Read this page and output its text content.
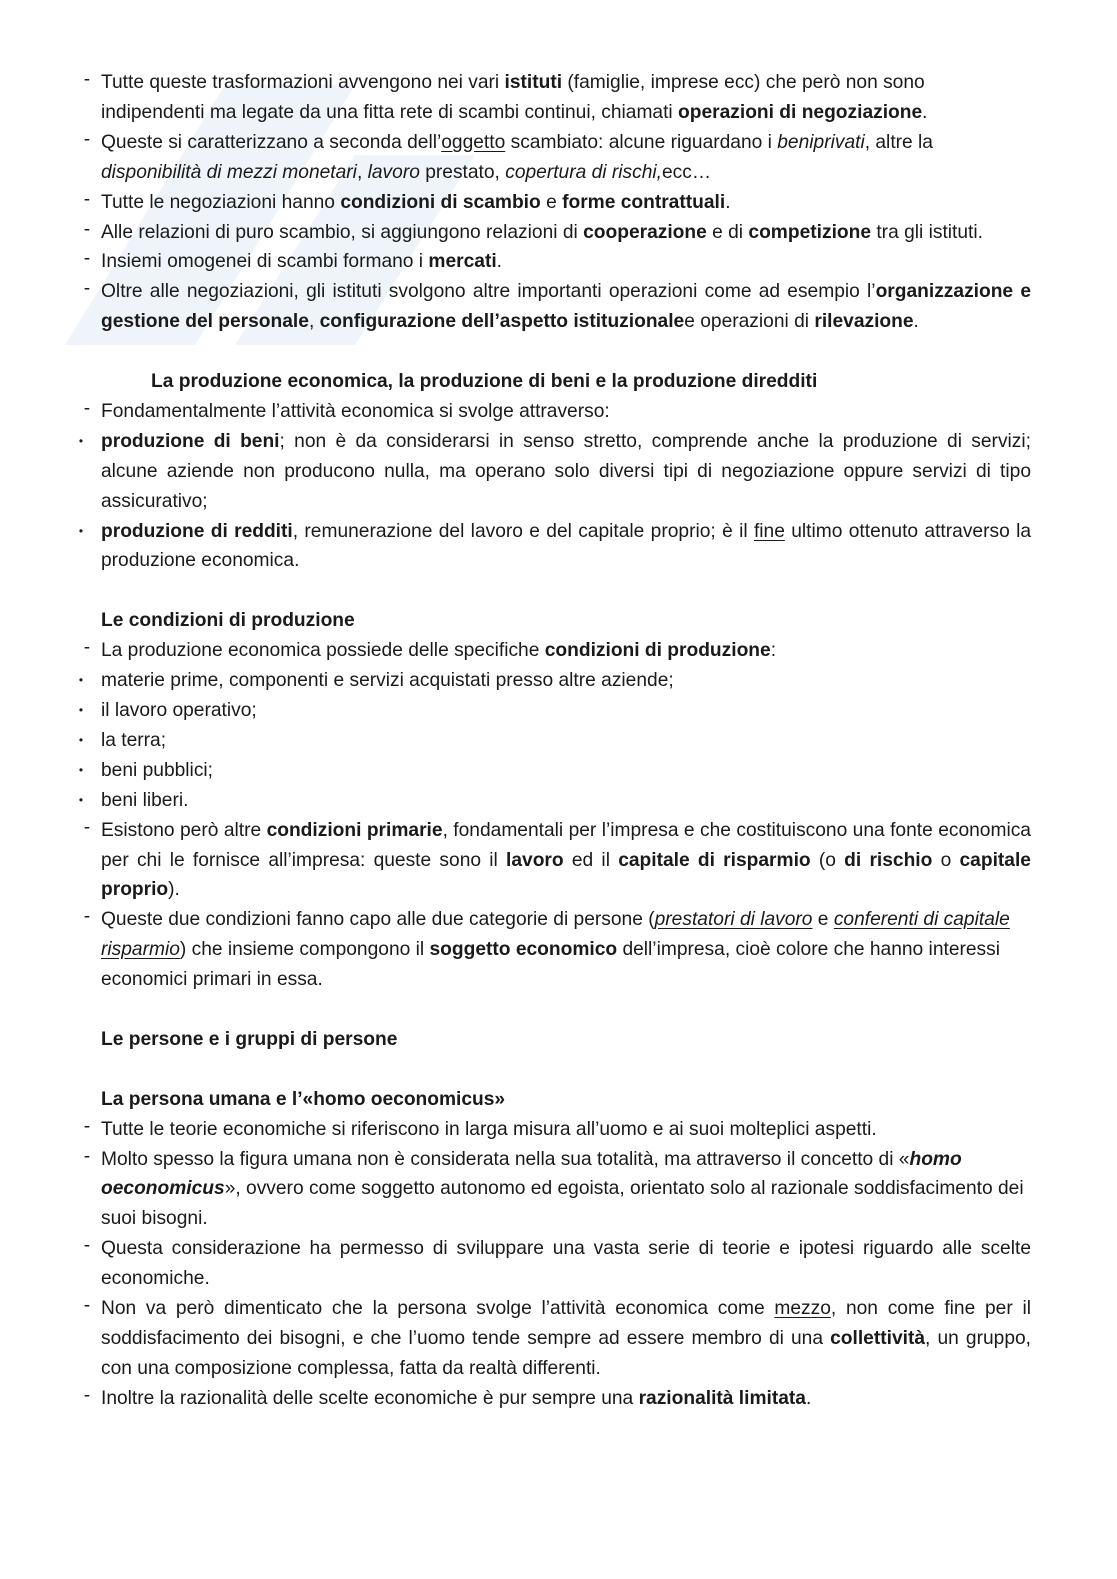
- Tutte queste trasformazioni avvengono nei vari istituti (famiglie, imprese ecc) che però non sono indipendenti ma legate da una fitta rete di scambi continui, chiamati operazioni di negoziazione.

- Queste si caratterizzano a seconda dell’oggetto scambiato: alcune riguardano i beniprivati, altre la disponibilità di mezzi monetari, lavoro prestato, copertura di rischi,ecc…

- Tutte le negoziazioni hanno condizioni di scambio e forme contrattuali.

- Alle relazioni di puro scambio, si aggiungono relazioni di cooperazione e di competizione tra gli istituti.

- Insiemi omogenei di scambi formano i mercati.

- Oltre alle negoziazioni, gli istituti svolgono altre importanti operazioni come ad esempio l’organizzazione e gestione del personale, configurazione dell’aspetto istituzionalee operazioni di rilevazione.

La produzione economica, la produzione di beni e la produzione diredditi

- Fondamentalmente l’attività economica si svolge attraverso:

• produzione di beni; non è da considerarsi in senso stretto, comprende anche la produzione di servizi; alcune aziende non producono nulla, ma operano solo diversi tipi di negoziazione oppure servizi di tipo assicurativo;

• produzione di redditi, remunerazione del lavoro e del capitale proprio; è il fine ultimo ottenuto attraverso la produzione economica.

Le condizioni di produzione

- La produzione economica possiede delle specifiche condizioni di produzione:

• materie prime, componenti e servizi acquistati presso altre aziende;

• il lavoro operativo;

• la terra;

• beni pubblici;

• beni liberi.

- Esistono però altre condizioni primarie, fondamentali per l’impresa e che costituiscono una fonte economica per chi le fornisce all’impresa: queste sono il lavoro ed il capitale di risparmio (o di rischio o capitale proprio).

- Queste due condizioni fanno capo alle due categorie di persone (prestatori di lavoro e conferenti di capitale risparmio) che insieme compongono il soggetto economico dell’impresa, cioè colore che hanno interessi economici primari in essa.

Le persone e i gruppi di persone

La persona umana e l’«homo oeconomicus»

- Tutte le teorie economiche si riferiscono in larga misura all’uomo e ai suoi molteplici aspetti.

- Molto spesso la figura umana non è considerata nella sua totalità, ma attraverso il concetto di «homo oeconomicus», ovvero come soggetto autonomo ed egoista, orientato solo al razionale soddisfacimento dei suoi bisogni.

- Questa considerazione ha permesso di sviluppare una vasta serie di teorie e ipotesi riguardo alle scelte economiche.

- Non va però dimenticato che la persona svolge l’attività economica come mezzo, non come fine per il soddisfacimento dei bisogni, e che l’uomo tende sempre ad essere membro di una collettività, un gruppo, con una composizione complessa, fatta da realtà differenti.

- Inoltre la razionalità delle scelte economiche è pur sempre una razionalità limitata.
